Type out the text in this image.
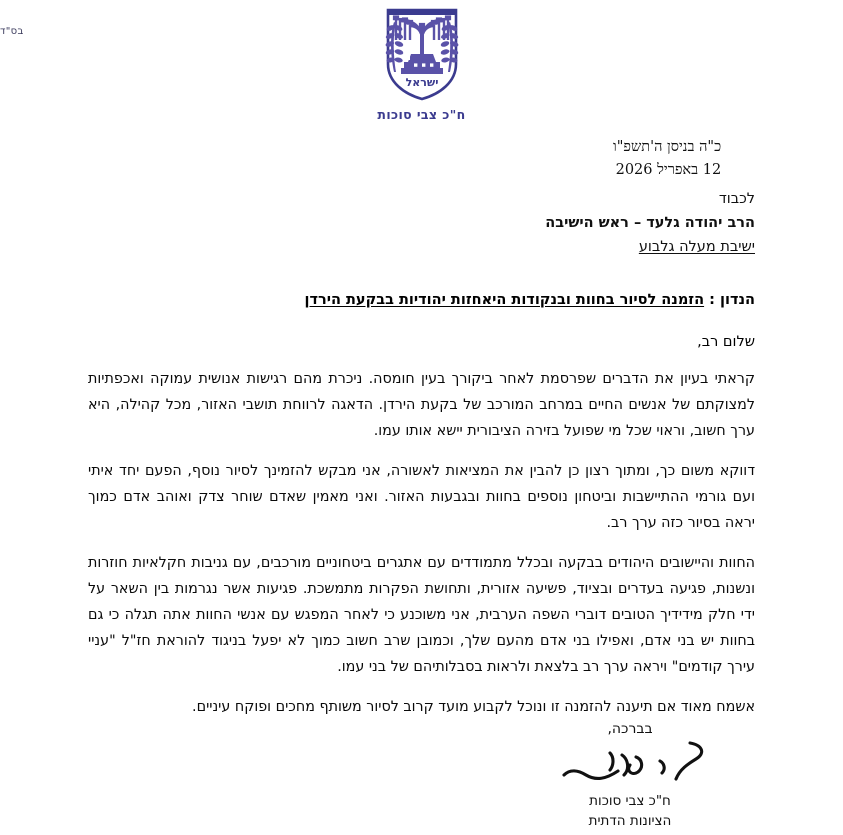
בס"ד
ישראל
ח"כ צבי סוכות
כ"ה בניסן ה'תשפ"ו
12 באפריל 2026
לכבוד
הרב יהודה גלעד – ראש הישיבה
ישיבת מעלה גלבוע
הנדון : הזמנה לסיור בחוות ובנקודות היאחזות יהודיות בבקעת הירדן
שלום רב,

קראתי בעיון את הדברים שפרסמת לאחר ביקורך בעין חומסה. ניכרת מהם רגישות אנושית עמוקה ואכפתיות למצוקתם של אנשים החיים במרחב המורכב של בקעת הירדן. הדאגה לרווחת תושבי האזור, מכל קהילה, היא ערך חשוב, וראוי שכל מי שפועל בזירה הציבורית יישא אותו עמו.

דווקא משום כך, ומתוך רצון כן להבין את המציאות לאשורה, אני מבקש להזמינך לסיור נוסף, הפעם יחד איתי ועם גורמי ההתיישבות וביטחון נוספים בחוות ובגבעות האזור. ואני מאמין שאדם שוחר צדק ואוהב אדם כמוך יראה בסיור כזה ערך רב.

החוות והיישובים היהודים בבקעה ובכלל מתמודדים עם אתגרים ביטחוניים מורכבים, עם גניבות חקלאיות חוזרות ונשנות, פגיעה בעדרים ובציוד, פשיעה אזורית, ותחושת הפקרות מתמשכת. פגיעות אשר נגרמות בין השאר על ידי חלק מידידיך הטובים דוברי השפה הערבית, אני משוכנע כי לאחר המפגש עם אנשי החוות אתה תגלה כי גם בחוות יש בני אדם, ואפילו בני אדם מהעם שלך, וכמובן שרב חשוב כמוך לא יפעל בניגוד להוראת חז"ל "עניי עירך קודמים" ויראה ערך רב בלצאת ולראות בסבלותיהם של בני עמו.

אשמח מאוד אם תיענה להזמנה זו ונוכל לקבוע מועד קרוב לסיור משותף מחכים ופוקח עיניים.

בברכה,
ח"כ צבי סוכות
הציונות הדתית
